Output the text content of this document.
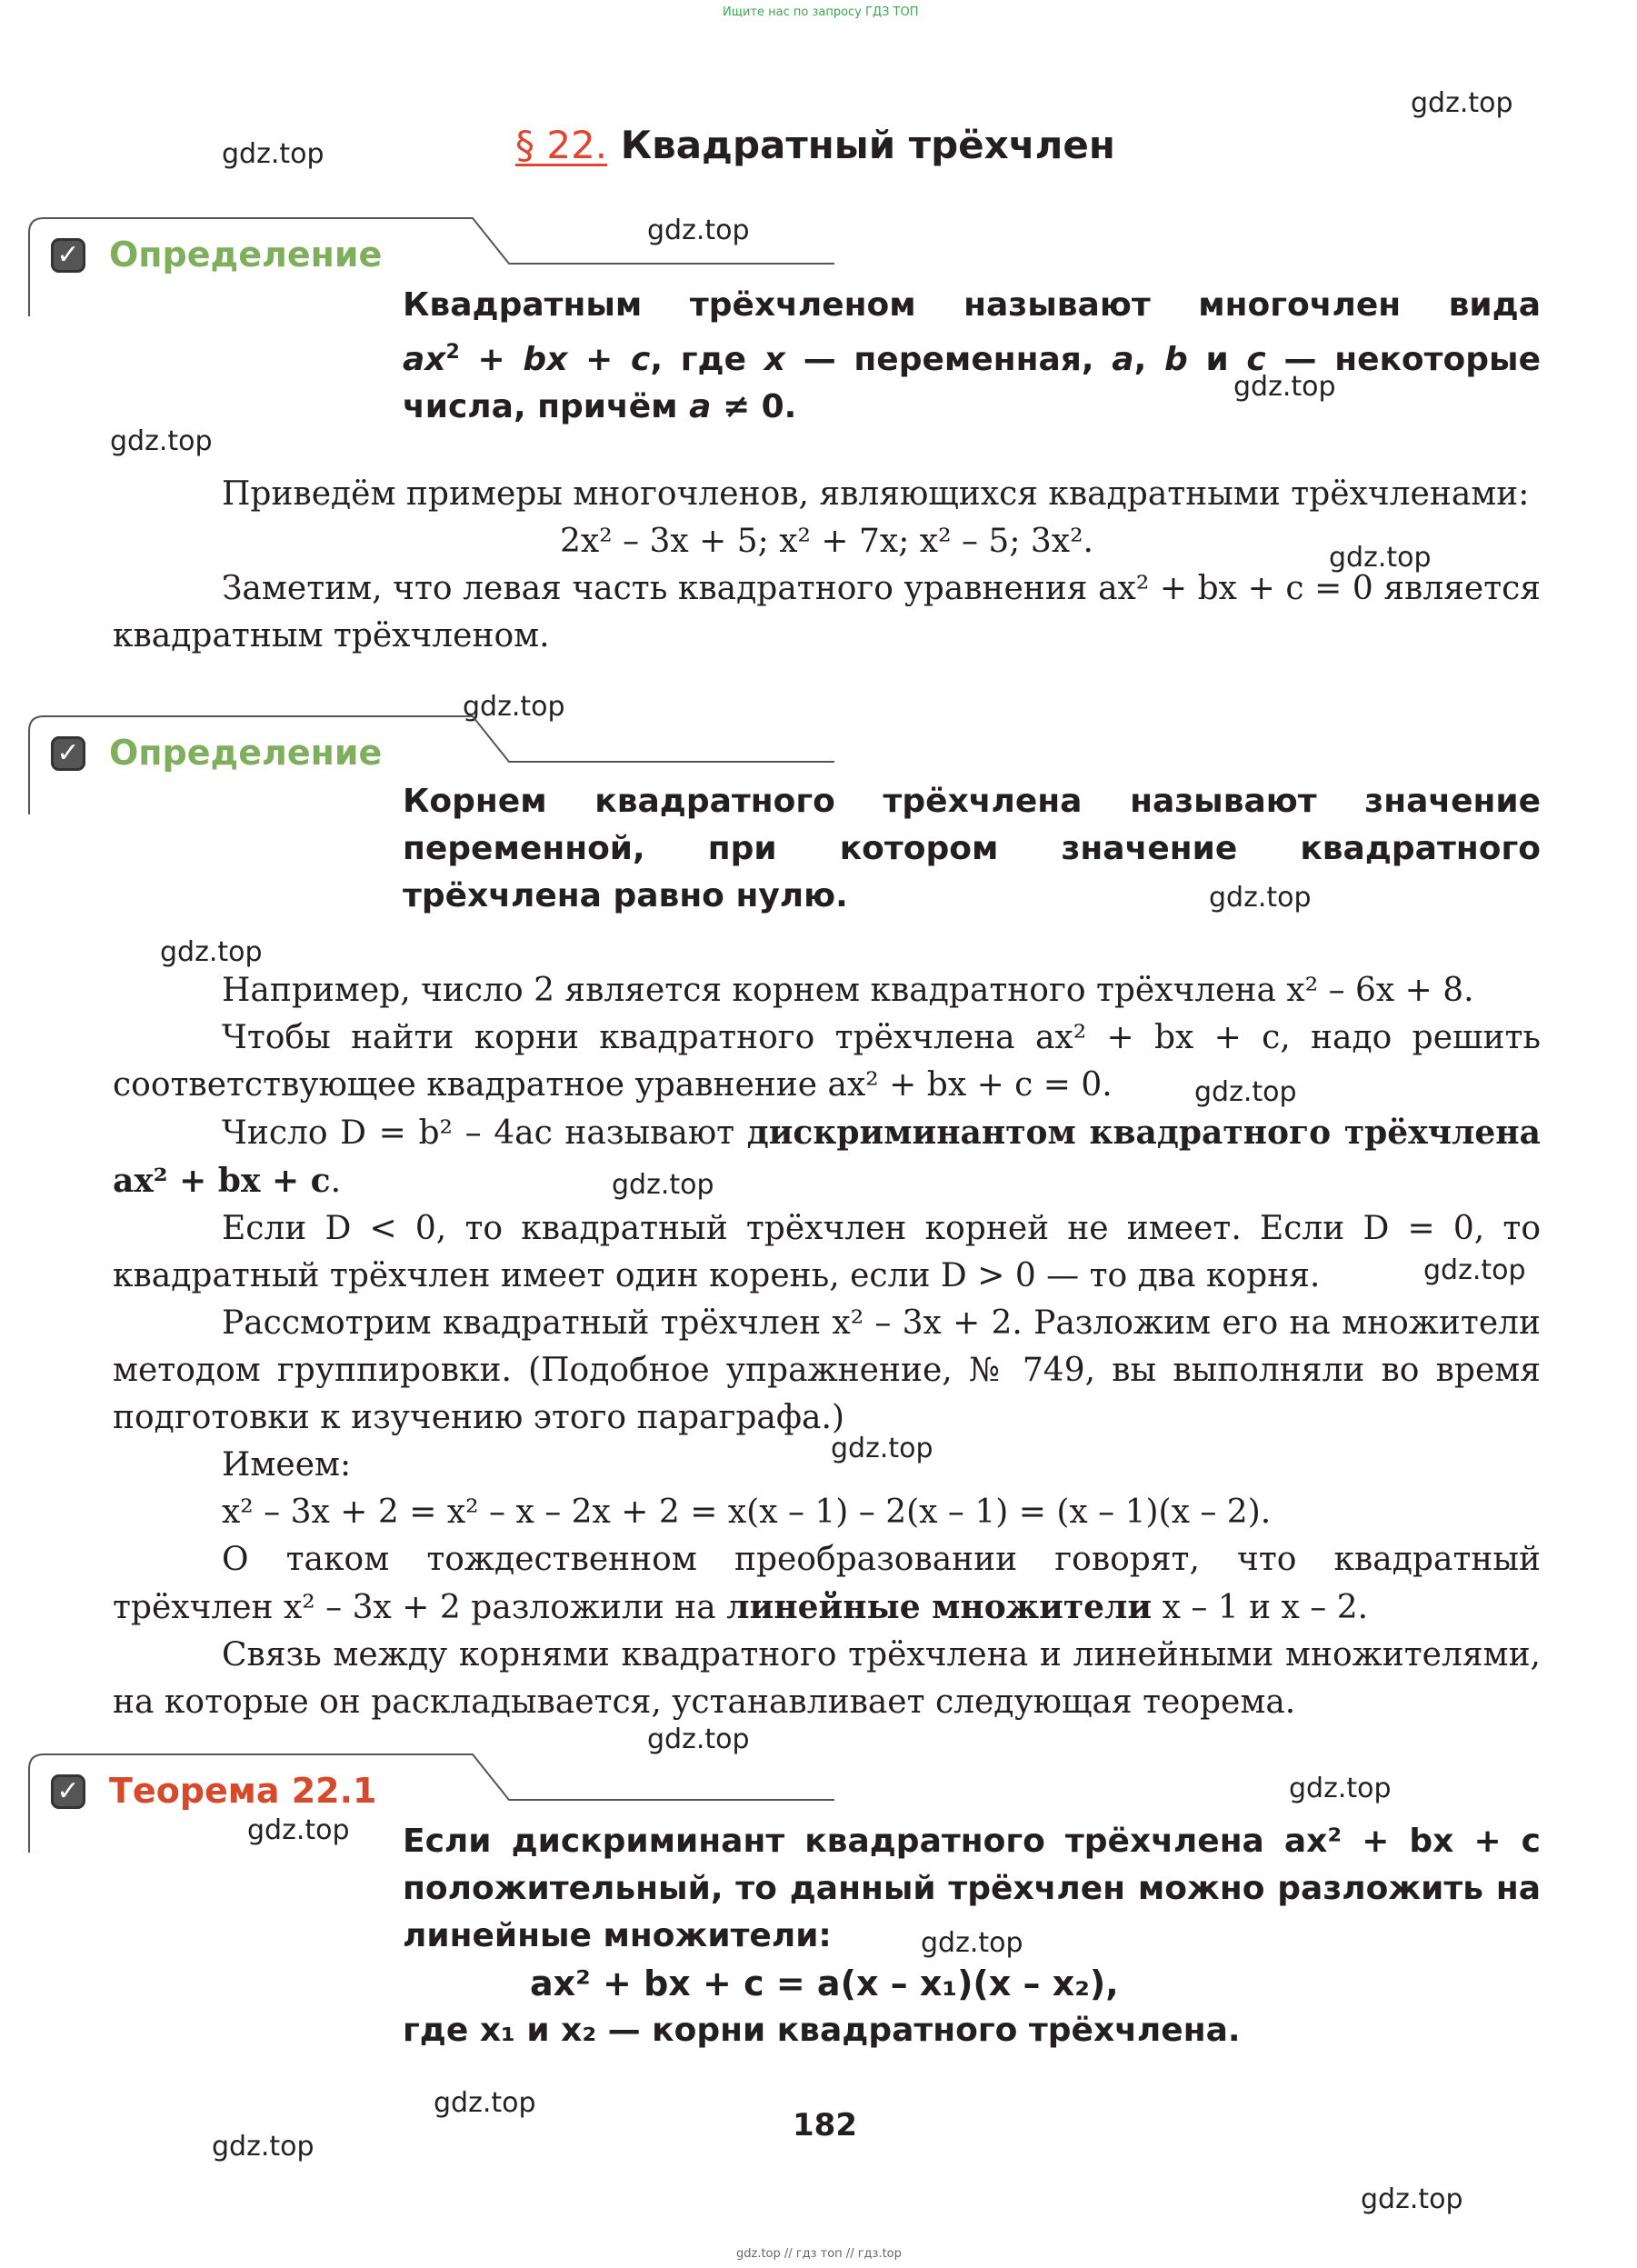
Ищите нас по запросу ГДЗ ТОП
gdz.top
gdz.top
gdz.top
gdz.top
gdz.top
gdz.top
gdz.top
gdz.top
gdz.top
gdz.top
gdz.top
gdz.top
gdz.top
gdz.top
gdz.top
gdz.top
gdz.top
gdz.top
gdz.top
gdz.top
§ 22. Квадратный трёхчлен
✓ Определение
Квадратным трёхчленом называют многочлен вида
$ax^2$ + bx + c, где x — переменная, a, b и c — некоторые
числа, причём a ≠ 0.

Приведём примеры многочленов, являющихся квадратными трёхчленами:

2x² – 3x + 5; x² + 7x; x² – 5; 3x².

Заметим, что левая часть квадратного уравнения ax² + bx + c = 0 является квадратным трёхчленом.

✓ Определение
Корнем квадратного трёхчлена называют значение переменной, при котором значение квадратного трёхчлена равно нулю.

Например, число 2 является корнем квадратного трёхчлена x² – 6x + 8.

Чтобы найти корни квадратного трёхчлена ax² + bx + c, надо решить соответствующее квадратное уравнение ax² + bx + c = 0.

Число D = b² – 4ac называют дискриминантом квадратного трёхчлена ax² + bx + c.

Если D < 0, то квадратный трёхчлен корней не имеет. Если D = 0, то квадратный трёхчлен имеет один корень, если D > 0 — то два корня.

Рассмотрим квадратный трёхчлен x² – 3x + 2. Разложим его на множители методом группировки. (Подобное упражнение, № 749, вы выполняли во время подготовки к изучению этого параграфа.)

Имеем:

x² – 3x + 2 = x² – x – 2x + 2 = x(x – 1) – 2(x – 1) = (x – 1)(x – 2).

О таком тождественном преобразовании говорят, что квадратный трёхчлен x² – 3x + 2 разложили на линейные множители x – 1 и x – 2.

Связь между корнями квадратного трёхчлена и линейными множителями, на которые он раскладывается, устанавливает следующая теорема.

✓ Теорема 22.1
Если дискриминант квадратного трёхчлена ax² + bx + c положительный, то данный трёхчлен можно разложить на линейные множители:
ax² + bx + c = a(x – x₁)(x – x₂),
где x₁ и x₂ — корни квадратного трёхчлена.
182
gdz.top // гдз топ // гдз.top
